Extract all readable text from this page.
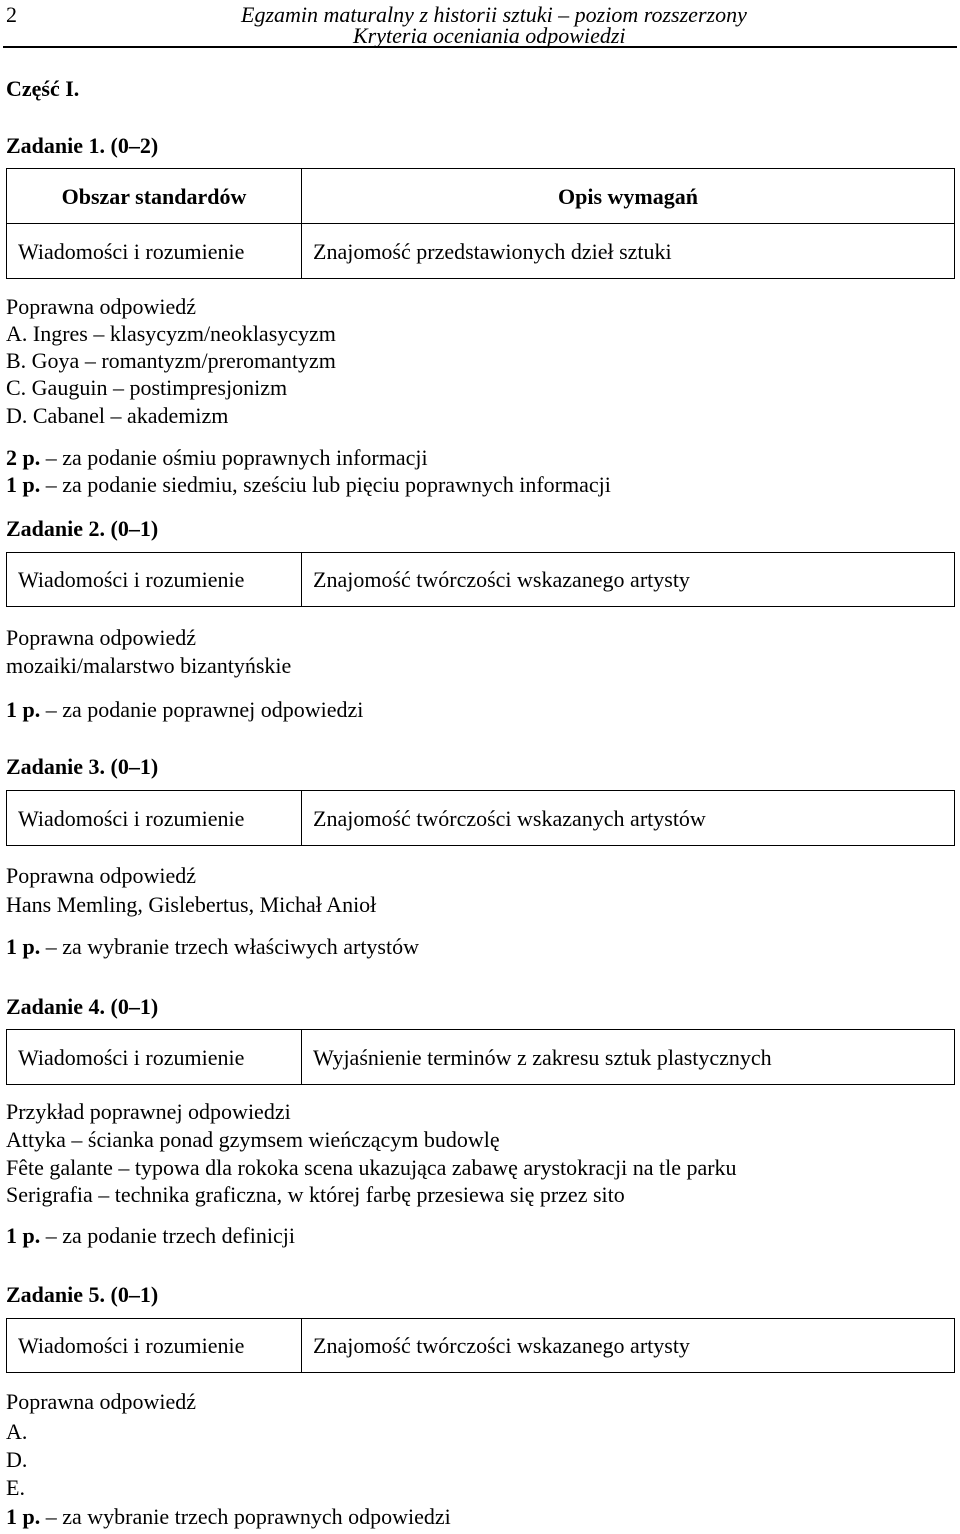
2	Egzamin maturalny z historii sztuki – poziom rozszerzony
Kryteria oceniania odpowiedzi
Część I.
Zadanie 1. (0–2)
Obszar standardów	Opis wymagań
Wiadomości i rozumienie	Znajomość przedstawionych dzieł sztuki
Poprawna odpowiedź
A. Ingres – klasycyzm/neoklasycyzm
B. Goya – romantyzm/preromantyzm
C. Gauguin – postimpresjonizm
D. Cabanel – akademizm
2 p. – za podanie ośmiu poprawnych informacji
1 p. – za podanie siedmiu, sześciu lub pięciu poprawnych informacji
Zadanie 2. (0–1)
Wiadomości i rozumienie	Znajomość twórczości wskazanego artysty
Poprawna odpowiedź
mozaiki/malarstwo bizantyńskie
1 p. – za podanie poprawnej odpowiedzi
Zadanie 3. (0–1)
Wiadomości i rozumienie	Znajomość twórczości wskazanych artystów
Poprawna odpowiedź
Hans Memling, Gislebertus, Michał Anioł
1 p. – za wybranie trzech właściwych artystów
Zadanie 4. (0–1)
Wiadomości i rozumienie	Wyjaśnienie terminów z zakresu sztuk plastycznych
Przykład poprawnej odpowiedzi
Attyka – ścianka ponad gzymsem wieńczącym budowlę
Fête galante – typowa dla rokoka scena ukazująca zabawę arystokracji na tle parku
Serigrafia – technika graficzna, w której farbę przesiewa się przez sito
1 p. – za podanie trzech definicji
Zadanie 5. (0–1)
Wiadomości i rozumienie	Znajomość twórczości wskazanego artysty
Poprawna odpowiedź
A.
D.
E.
1 p. – za wybranie trzech poprawnych odpowiedzi
